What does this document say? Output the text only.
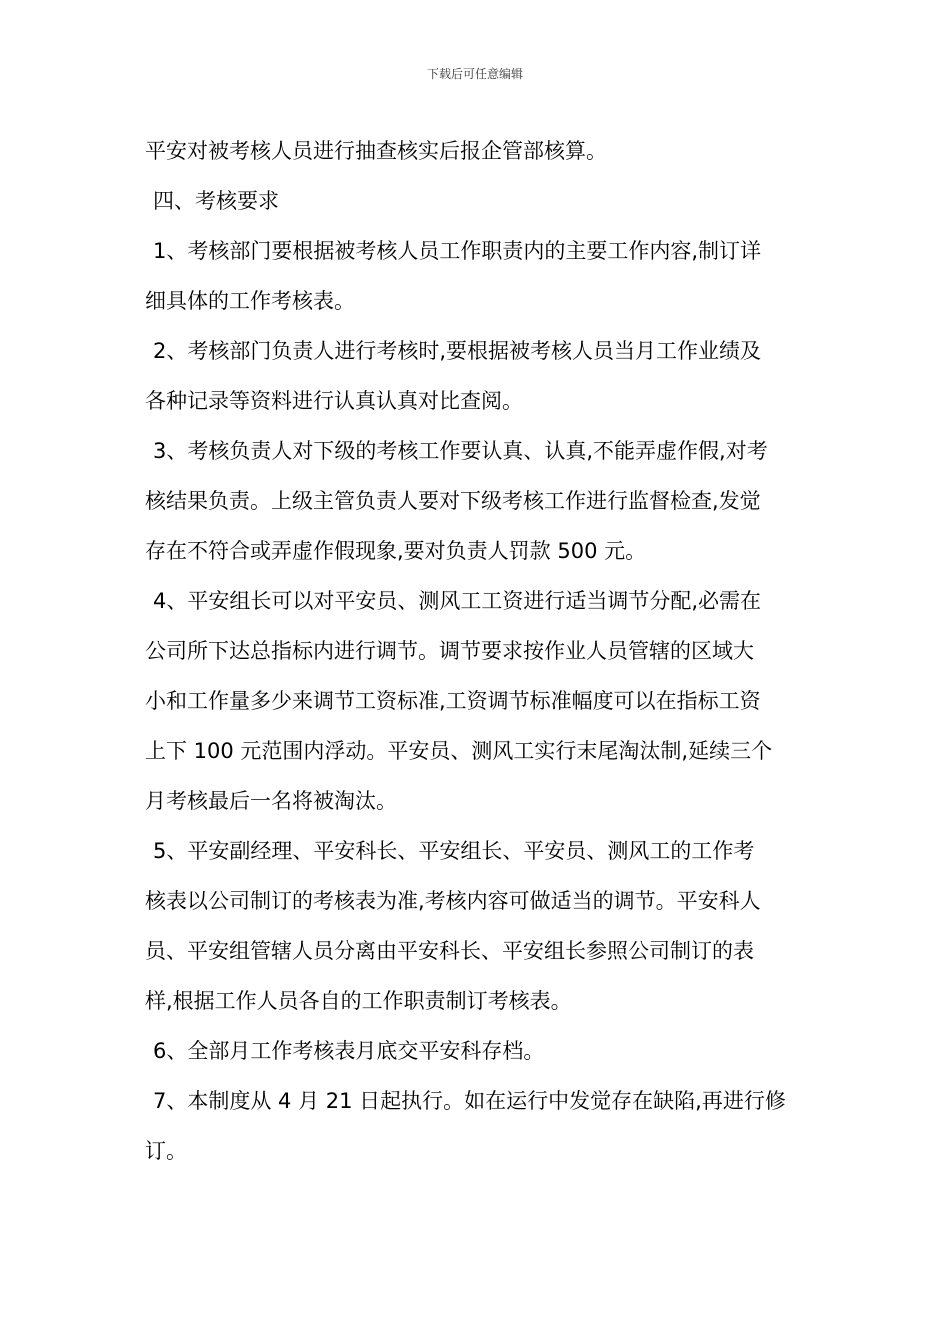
下载后可任意编辑
平安对被考核人员进行抽查核实后报企管部核算。
四、考核要求
1、考核部门要根据被考核人员工作职责内的主要工作内容,制订详
细具体的工作考核表。
2、考核部门负责人进行考核时,要根据被考核人员当月工作业绩及
各种记录等资料进行认真认真对比查阅。
3、考核负责人对下级的考核工作要认真、认真,不能弄虚作假,对考
核结果负责。上级主管负责人要对下级考核工作进行监督检查,发觉
存在不符合或弄虚作假现象,要对负责人罚款 500 元。
4、平安组长可以对平安员、测风工工资进行适当调节分配,必需在
公司所下达总指标内进行调节。调节要求按作业人员管辖的区域大
小和工作量多少来调节工资标准,工资调节标准幅度可以在指标工资
上下 100 元范围内浮动。平安员、测风工实行末尾淘汰制,延续三个
月考核最后一名将被淘汰。
5、平安副经理、平安科长、平安组长、平安员、测风工的工作考
核表以公司制订的考核表为准,考核内容可做适当的调节。平安科人
员、平安组管辖人员分离由平安科长、平安组长参照公司制订的表
样,根据工作人员各自的工作职责制订考核表。
6、全部月工作考核表月底交平安科存档。
7、本制度从 4 月 21 日起执行。如在运行中发觉存在缺陷,再进行修
订。
